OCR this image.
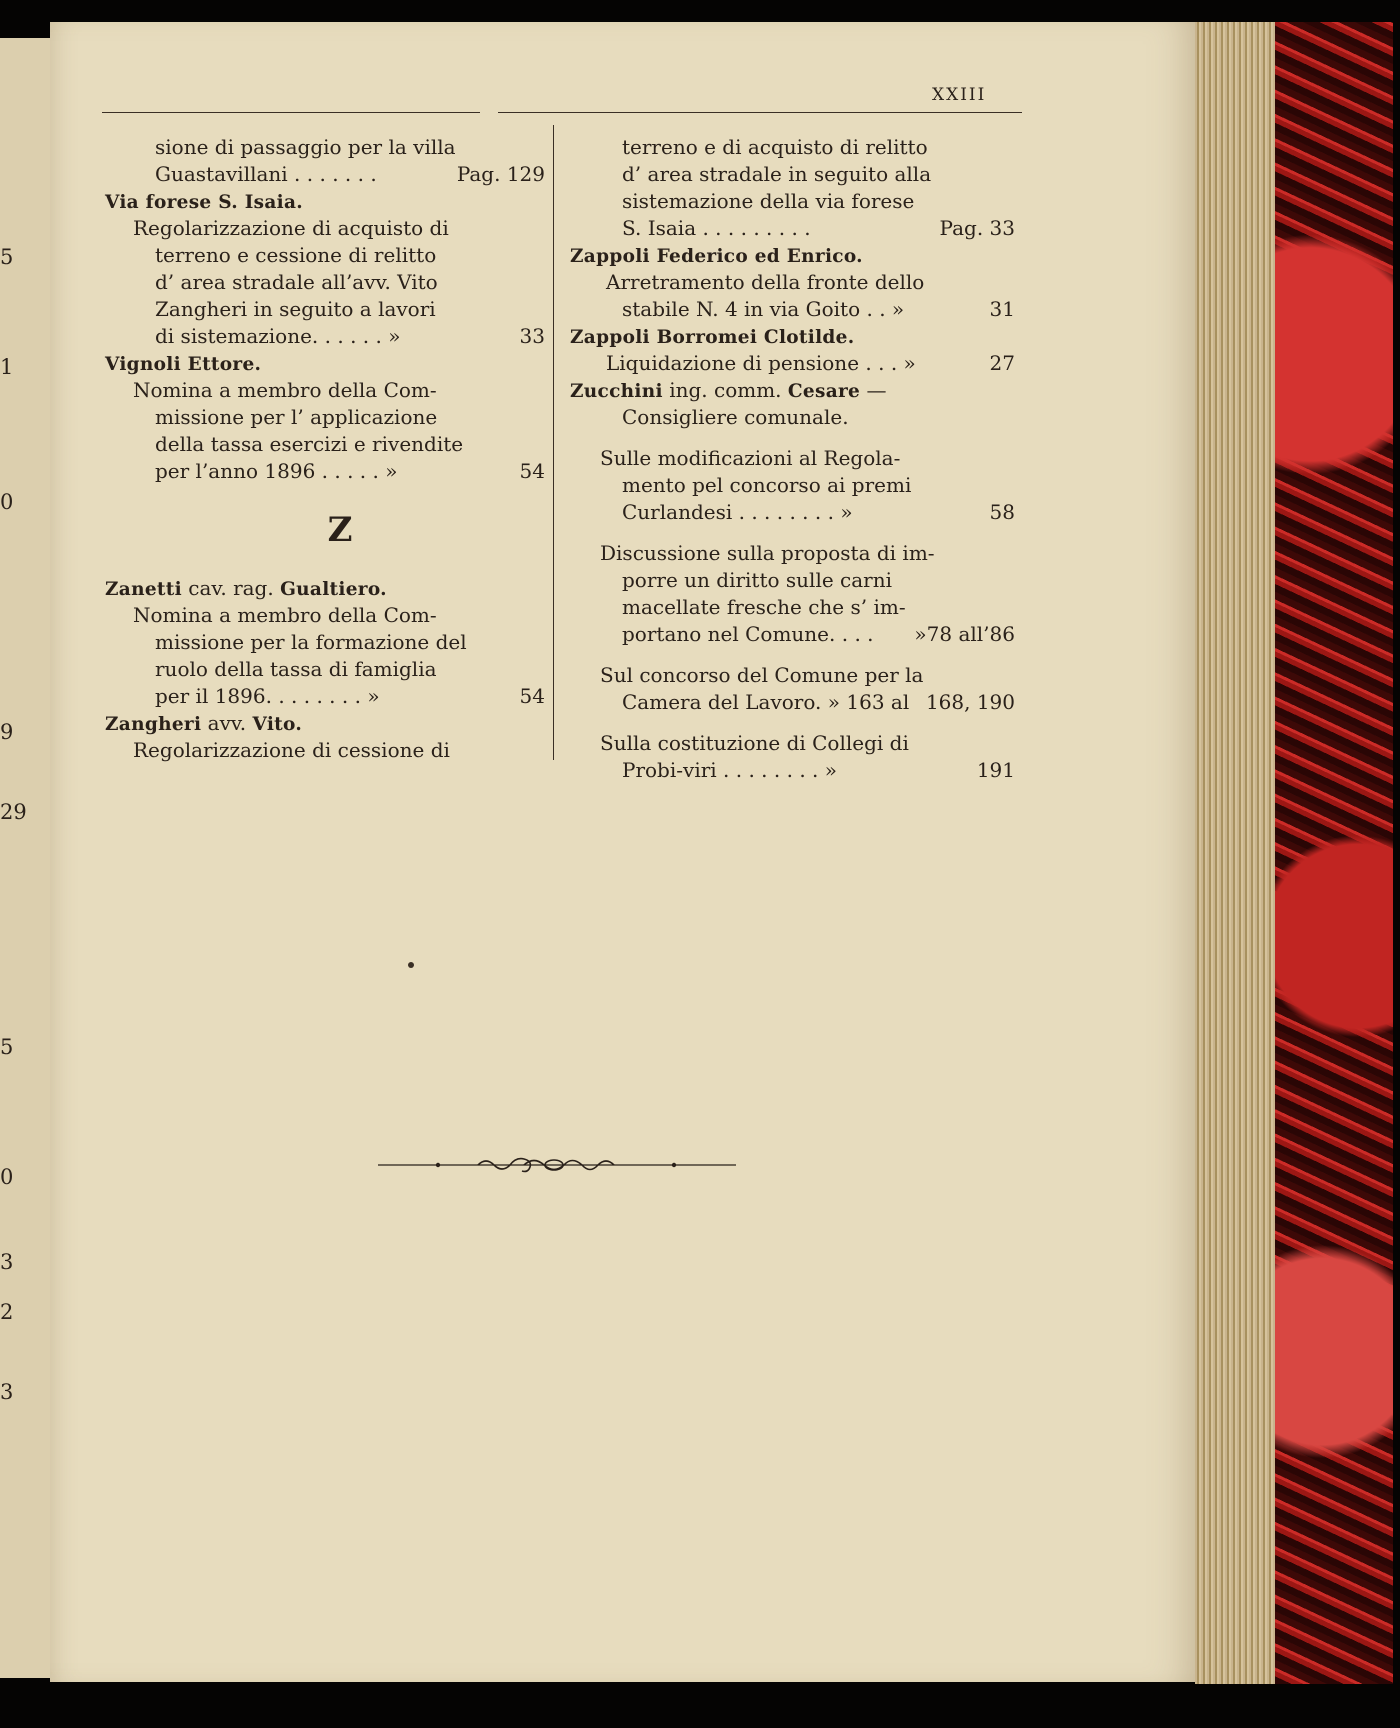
5
1
0
9
29
5
0
3
2
3
XXIII
sione di passaggio per la villa
Guastavillani . . . . . . .	Pag. 129
Via forese S. Isaia.
Regolarizzazione di acquisto di
terreno e cessione di relitto
d’ area stradale all’avv. Vito
Zangheri in seguito a lavori
di sistemazione. . . . . . »	33
Vignoli Ettore.
Nomina a membro della Com-
missione per l’ applicazione
della tassa esercizi e rivendite
per l’anno 1896 . . . . . »	54
Z
Zanetti cav. rag. Gualtiero.
Nomina a membro della Com-
missione per la formazione del
ruolo della tassa di famiglia
per il 1896. . . . . . . . »	54
Zangheri avv. Vito.
Regolarizzazione di cessione di
terreno e di acquisto di relitto
d’ area stradale in seguito alla
sistemazione della via forese
S. Isaia . . . . . . . . .	Pag. 33
Zappoli Federico ed Enrico.
Arretramento della fronte dello
stabile N. 4 in via Goito . . »	31
Zappoli Borromei Clotilde.
Liquidazione di pensione . . . »	27
Zucchini ing. comm. Cesare —
Consigliere comunale.
Sulle modificazioni al Regola-
mento pel concorso ai premi
Curlandesi . . . . . . . . »	58
Discussione sulla proposta di im-
porre un diritto sulle carni
macellate fresche che s’ im-
portano nel Comune. . . . »78 all’86
Sul concorso del Comune per la
Camera del Lavoro. » 163 al 168, 190
Sulla costituzione di Collegi di
Probi-viri . . . . . . . . »	191
